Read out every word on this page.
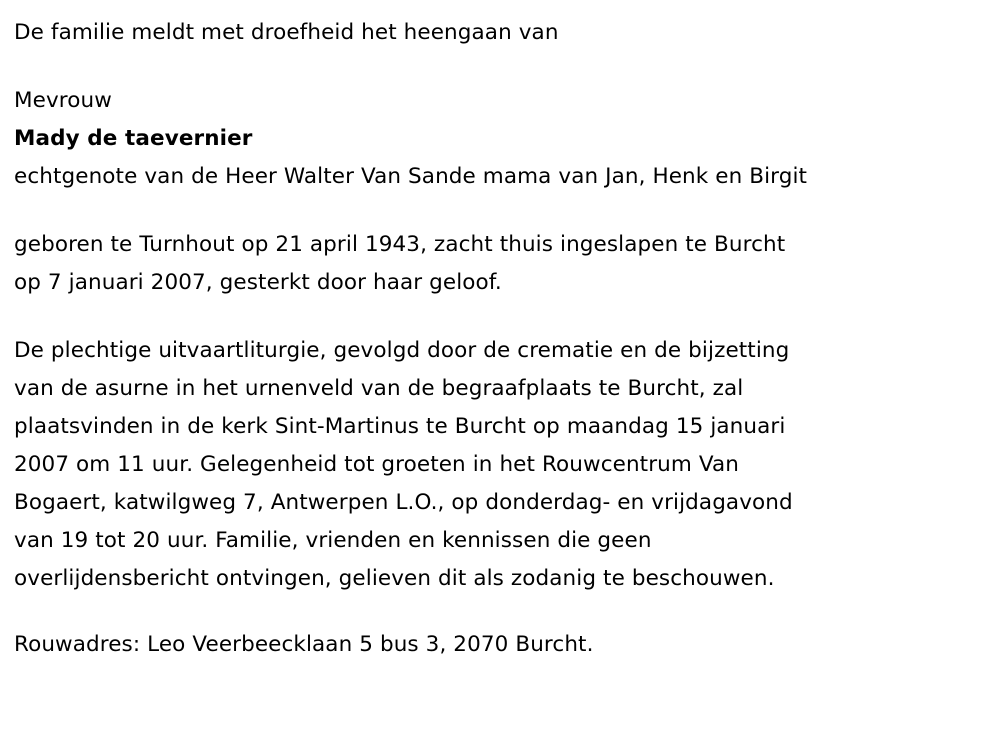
De familie meldt met droefheid het heengaan van
Mevrouw
Mady de taevernier
echtgenote van de Heer Walter Van Sande mama van Jan, Henk en Birgit
geboren te Turnhout op 21 april 1943, zacht thuis ingeslapen te Burcht
op 7 januari 2007, gesterkt door haar geloof.
De plechtige uitvaartliturgie, gevolgd door de crematie en de bijzetting
van de asurne in het urnenveld van de begraafplaats te Burcht, zal
plaatsvinden in de kerk Sint-Martinus te Burcht op maandag 15 januari
2007 om 11 uur. Gelegenheid tot groeten in het Rouwcentrum Van
Bogaert, katwilgweg 7, Antwerpen L.O., op donderdag- en vrijdagavond
van 19 tot 20 uur. Familie, vrienden en kennissen die geen
overlijdensbericht ontvingen, gelieven dit als zodanig te beschouwen.
Rouwadres: Leo Veerbeecklaan 5 bus 3, 2070 Burcht.
